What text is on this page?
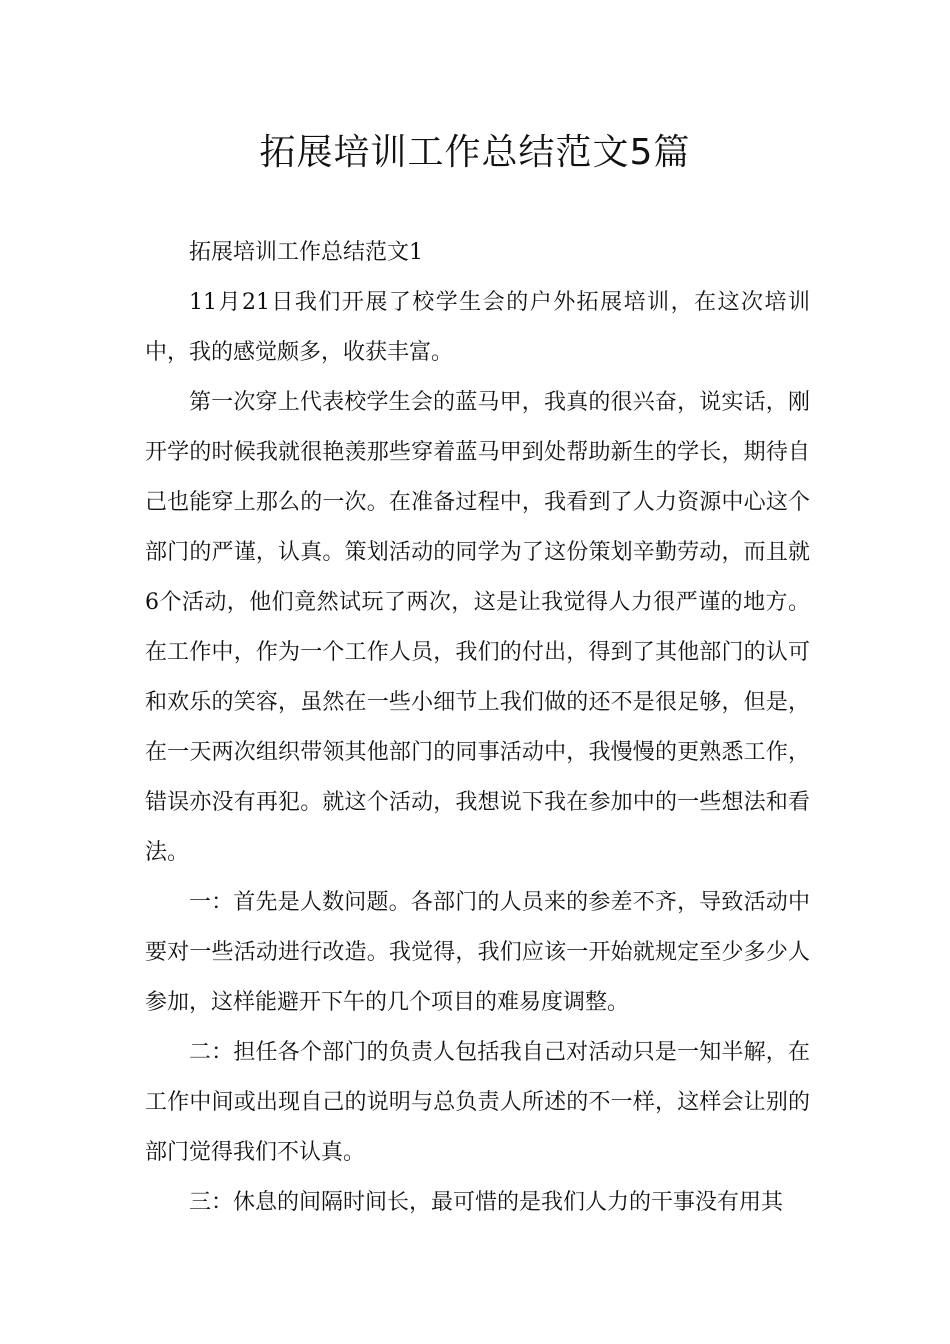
拓展培训工作总结范文5篇

拓展培训工作总结范文1

11月21日我们开展了校学生会的户外拓展培训，在这次培训中，我的感觉颇多，收获丰富。

第一次穿上代表校学生会的蓝马甲，我真的很兴奋，说实话，刚开学的时候我就很艳羡那些穿着蓝马甲到处帮助新生的学长，期待自己也能穿上那么的一次。在准备过程中，我看到了人力资源中心这个部门的严谨，认真。策划活动的同学为了这份策划辛勤劳动，而且就6个活动，他们竟然试玩了两次，这是让我觉得人力很严谨的地方。在工作中，作为一个工作人员，我们的付出，得到了其他部门的认可和欢乐的笑容，虽然在一些小细节上我们做的还不是很足够，但是，在一天两次组织带领其他部门的同事活动中，我慢慢的更熟悉工作，错误亦没有再犯。就这个活动，我想说下我在参加中的一些想法和看法。

一：首先是人数问题。各部门的人员来的参差不齐，导致活动中要对一些活动进行改造。我觉得，我们应该一开始就规定至少多少人参加，这样能避开下午的几个项目的难易度调整。

二：担任各个部门的负责人包括我自己对活动只是一知半解，在工作中间或出现自己的说明与总负责人所述的不一样，这样会让别的部门觉得我们不认真。

三：休息的间隔时间长，最可惜的是我们人力的干事没有用其
